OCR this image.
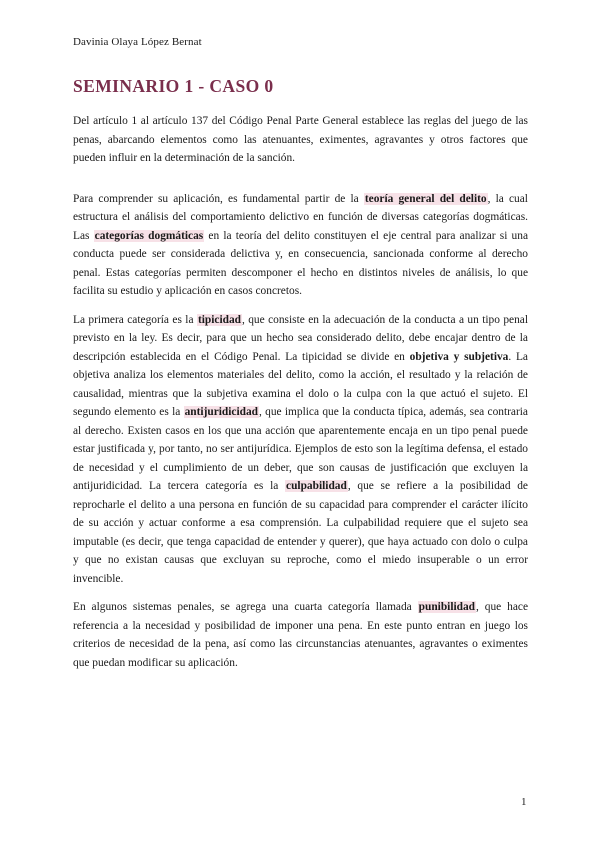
Davinia Olaya López Bernat
SEMINARIO 1 - CASO 0

Del artículo 1 al artículo 137 del Código Penal Parte General establece las reglas del juego de las penas, abarcando elementos como las atenuantes, eximentes, agravantes y otros factores que pueden influir en la determinación de la sanción.

Para comprender su aplicación, es fundamental partir de la teoría general del delito, la cual estructura el análisis del comportamiento delictivo en función de diversas categorías dogmáticas. Las categorías dogmáticas en la teoría del delito constituyen el eje central para analizar si una conducta puede ser considerada delictiva y, en consecuencia, sancionada conforme al derecho penal. Estas categorías permiten descomponer el hecho en distintos niveles de análisis, lo que facilita su estudio y aplicación en casos concretos.

La primera categoría es la tipicidad, que consiste en la adecuación de la conducta a un tipo penal previsto en la ley. Es decir, para que un hecho sea considerado delito, debe encajar dentro de la descripción establecida en el Código Penal. La tipicidad se divide en objetiva y subjetiva. La objetiva analiza los elementos materiales del delito, como la acción, el resultado y la relación de causalidad, mientras que la subjetiva examina el dolo o la culpa con la que actuó el sujeto. El segundo elemento es la antijuridicidad, que implica que la conducta típica, además, sea contraria al derecho. Existen casos en los que una acción que aparentemente encaja en un tipo penal puede estar justificada y, por tanto, no ser antijurídica. Ejemplos de esto son la legítima defensa, el estado de necesidad y el cumplimiento de un deber, que son causas de justificación que excluyen la antijuridicidad. La tercera categoría es la culpabilidad, que se refiere a la posibilidad de reprocharle el delito a una persona en función de su capacidad para comprender el carácter ilícito de su acción y actuar conforme a esa comprensión. La culpabilidad requiere que el sujeto sea imputable (es decir, que tenga capacidad de entender y querer), que haya actuado con dolo o culpa y que no existan causas que excluyan su reproche, como el miedo insuperable o un error invencible.

En algunos sistemas penales, se agrega una cuarta categoría llamada punibilidad, que hace referencia a la necesidad y posibilidad de imponer una pena. En este punto entran en juego los criterios de necesidad de la pena, así como las circunstancias atenuantes, agravantes o eximentes que puedan modificar su aplicación.

1
